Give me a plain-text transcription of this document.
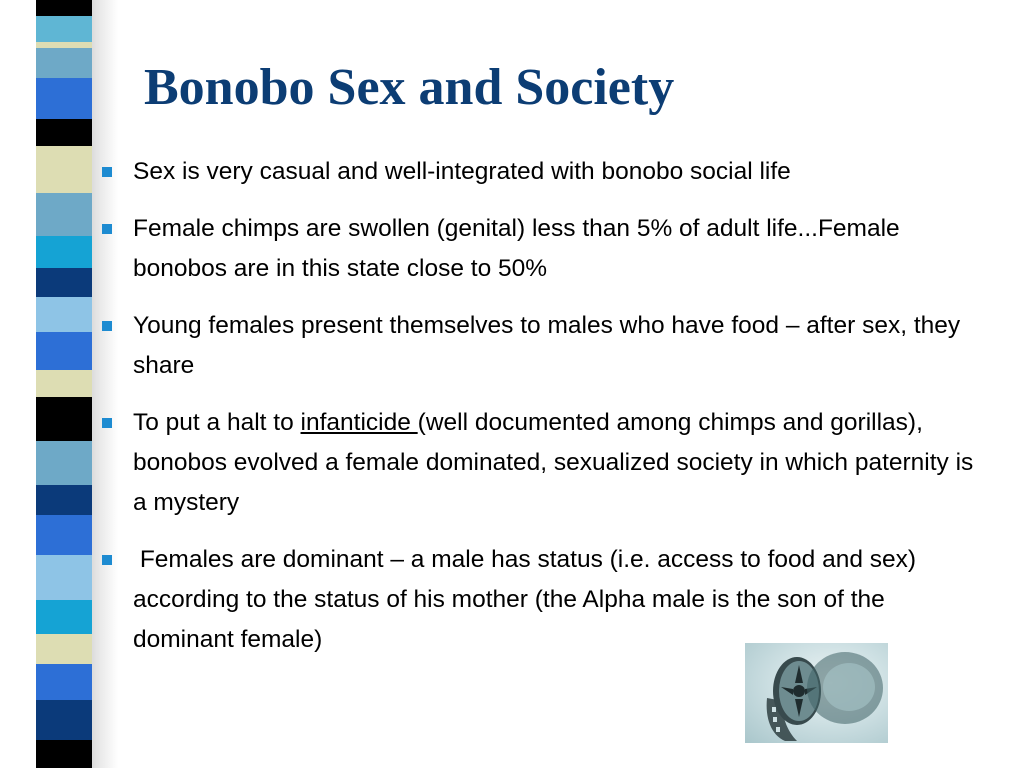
Bonobo Sex and Society
Sex is very casual and well-integrated with bonobo social life
Female chimps are swollen (genital) less than 5% of adult life...Female bonobos are in this state close to 50%
Young females present themselves to males who have food – after sex, they share
To put a halt to infanticide (well documented among chimps and gorillas), bonobos evolved a female dominated, sexualized society in which paternity is a mystery
Females are dominant – a male has status (i.e. access to food and sex) according to the status of his mother (the Alpha male is the son of the dominant female)
